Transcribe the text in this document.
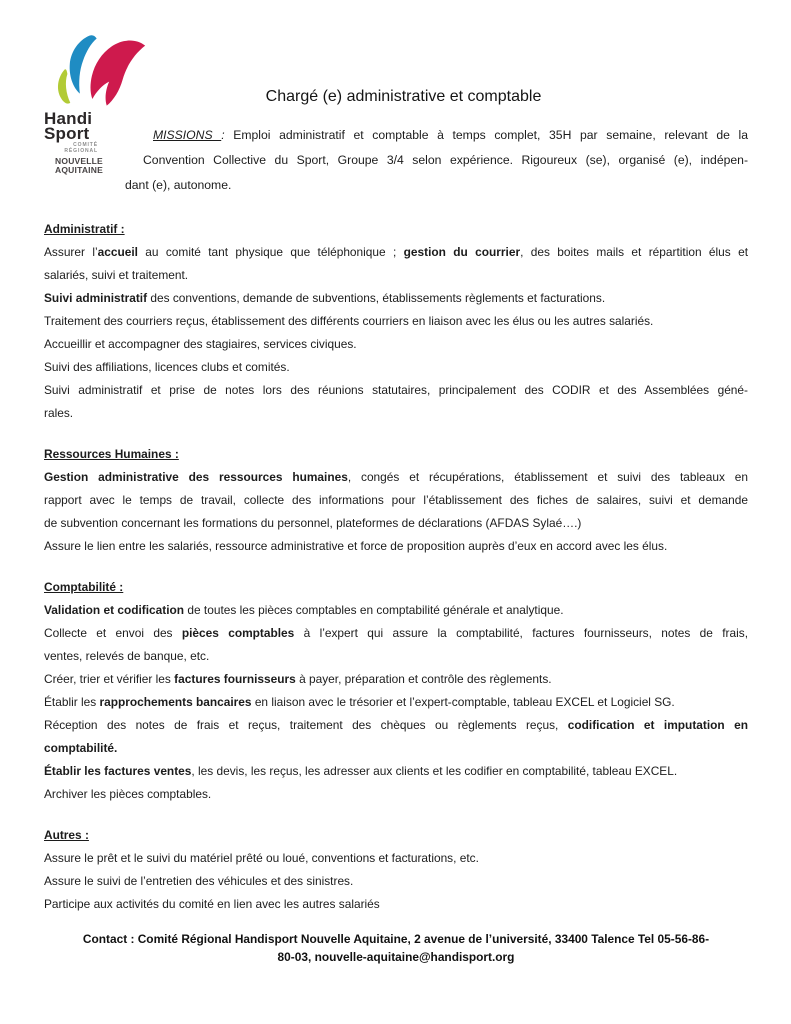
Handi
Sport
COMITÉ
RÉGIONAL
NOUVELLE
AQUITAINE
Chargé (e) administrative et comptable
MISSIONS : Emploi administratif et comptable à temps complet, 35H par semaine, relevant de la
Convention Collective du Sport, Groupe 3/4 selon expérience. Rigoureux (se), organisé (e), indépen-
dant (e), autonome.
Administratif :
Assurer l’accueil au comité tant physique que téléphonique ; gestion du courrier, des boites mails et répartition élus et
salariés, suivi et traitement.
Suivi administratif des conventions, demande de subventions, établissements règlements et facturations.
Traitement des courriers reçus, établissement des différents courriers en liaison avec les élus ou les autres salariés.
Accueillir et accompagner des stagiaires, services civiques.
Suivi des affiliations, licences clubs et comités.
Suivi administratif et prise de notes lors des réunions statutaires, principalement des CODIR et des Assemblées géné-
rales.
Ressources Humaines :
Gestion administrative des ressources humaines, congés et récupérations, établissement et suivi des tableaux en
rapport avec le temps de travail, collecte des informations pour l’établissement des fiches de salaires, suivi et demande
de subvention concernant les formations du personnel, plateformes de déclarations (AFDAS Sylaé….)
Assure le lien entre les salariés, ressource administrative et force de proposition auprès d’eux en accord avec les élus.
Comptabilité :
Validation et codification de toutes les pièces comptables en comptabilité générale et analytique.
Collecte et envoi des pièces comptables à l’expert qui assure la comptabilité, factures fournisseurs, notes de frais,
ventes, relevés de banque, etc.
Créer, trier et vérifier les factures fournisseurs à payer, préparation et contrôle des règlements.
Établir les rapprochements bancaires en liaison avec le trésorier et l’expert-comptable, tableau EXCEL et Logiciel SG.
Réception des notes de frais et reçus, traitement des chèques ou règlements reçus, codification et imputation en
comptabilité.
Établir les factures ventes, les devis, les reçus, les adresser aux clients et les codifier en comptabilité, tableau EXCEL.
Archiver les pièces comptables.
Autres :
Assure le prêt et le suivi du matériel prêté ou loué, conventions et facturations, etc.
Assure le suivi de l’entretien des véhicules et des sinistres.
Participe aux activités du comité en lien avec les autres salariés
Contact : Comité Régional Handisport Nouvelle Aquitaine, 2 avenue de l’université, 33400 Talence Tel 05-56-86-
80-03, nouvelle-aquitaine@handisport.org
